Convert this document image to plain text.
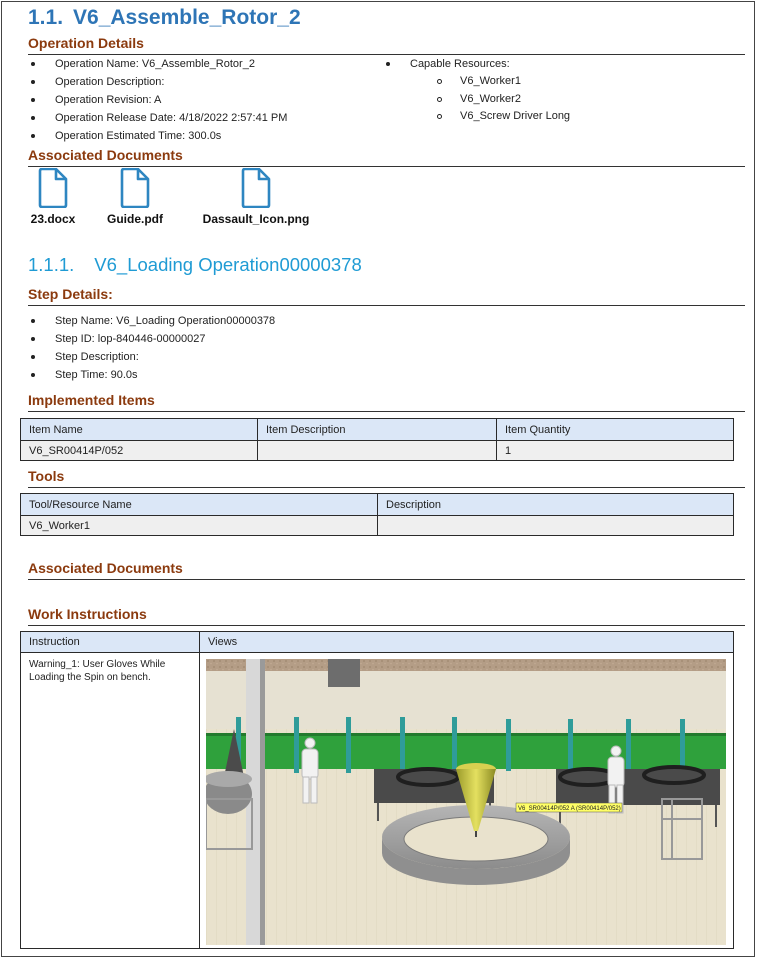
1.1. V6_Assemble_Rotor_2
Operation Details
Operation Name: V6_Assemble_Rotor_2
Operation Description:
Operation Revision: A
Operation Release Date: 4/18/2022 2:57:41 PM
Operation Estimated Time: 300.0s
Capable Resources:
V6_Worker1
V6_Worker2
V6_Screw Driver Long
Associated Documents
23.docx	Guide.pdf	Dassault_Icon.png
1.1.1. V6_Loading Operation00000378
Step Details:
Step Name: V6_Loading Operation00000378
Step ID: lop-840446-00000027
Step Description:
Step Time: 90.0s
Implemented Items
Item Name	Item Description	Item Quantity
V6_SR00414P/052		1
Tools
Tool/Resource Name	Description
V6_Worker1	
Associated Documents
Work Instructions
Instruction	Views
Warning_1: User Gloves While Loading the Spin on bench.
V6_SR00414P/052 A (SR00414P/052)
